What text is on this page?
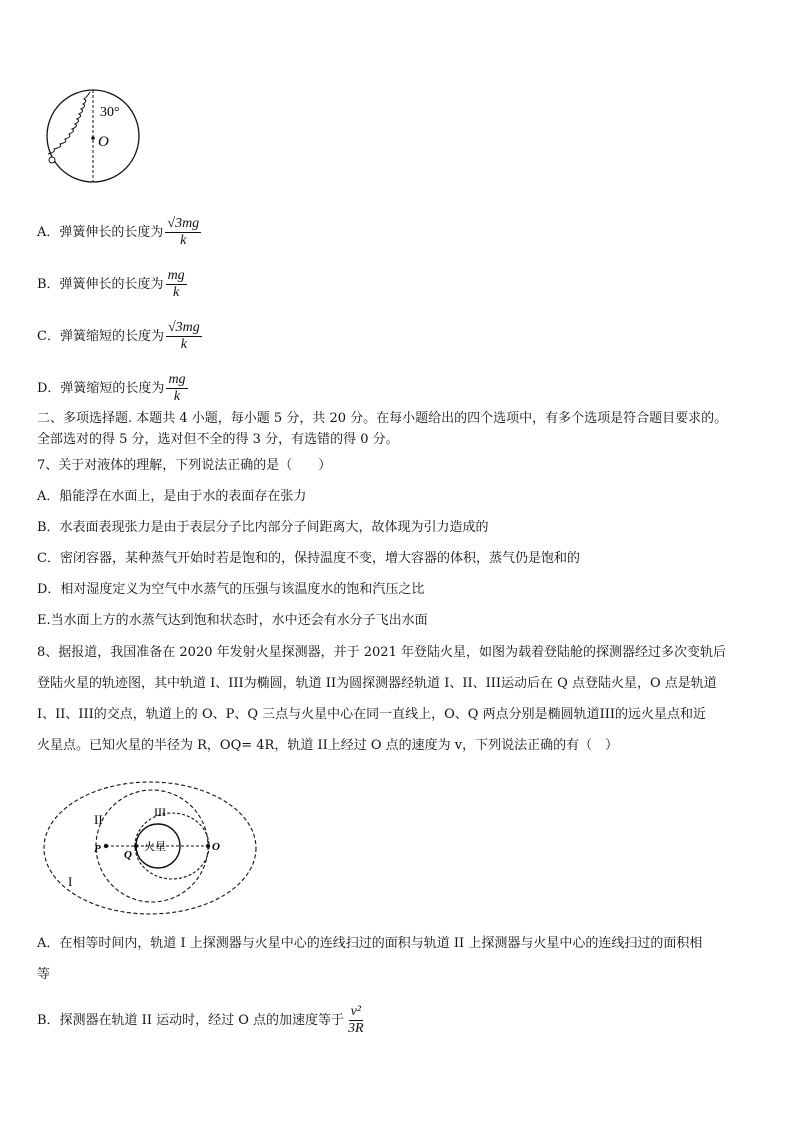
30°
O
A．弹簧伸长的长度为 $\frac{√3mg}{k}$
B．弹簧伸长的长度为 $\frac{mg}{k}$
C．弹簧缩短的长度为 $\frac{√3mg}{k}$
D．弹簧缩短的长度为 $\frac{mg}{k}$
二、多项选择题. 本题共 4 小题，每小题 5 分，共 20 分。在每小题给出的四个选项中，有多个选项是符合题目要求的。
全部选对的得 5 分，选对但不全的得 3 分，有选错的得 0 分。
7、关于对液体的理解，下列说法正确的是（　　）
A．船能浮在水面上，是由于水的表面存在张力
B．水表面表现张力是由于表层分子比内部分子间距离大，故体现为引力造成的
C．密闭容器，某种蒸气开始时若是饱和的，保持温度不变，增大容器的体积，蒸气仍是饱和的
D．相对湿度定义为空气中水蒸气的压强与该温度水的饱和汽压之比
E.当水面上方的水蒸气达到饱和状态时，水中还会有水分子飞出水面
8、据报道，我国准备在 2020 年发射火星探测器，并于 2021 年登陆火星，如图为载着登陆舱的探测器经过多次变轨后
登陆火星的轨迹图，其中轨道 I、III为椭圆，轨道 II为圆探测器经轨道 I、II、III运动后在 Q 点登陆火星，O 点是轨道
I、II、III的交点，轨道上的 O、P、Q 三点与火星中心在同一直线上，O、Q 两点分别是椭圆轨道III的远火星点和近
火星点。已知火星的半径为 R，OQ= 4R，轨道 II上经过 O 点的速度为 v，下列说法正确的有（　）
I
II	III
P Q
O
火星
A．在相等时间内，轨道 I 上探测器与火星中心的连线扫过的面积与轨道 II 上探测器与火星中心的连线扫过的面积相
等
B．探测器在轨道 II 运动时，经过 O 点的加速度等于 $\frac{\text{v²}}{3R}$
